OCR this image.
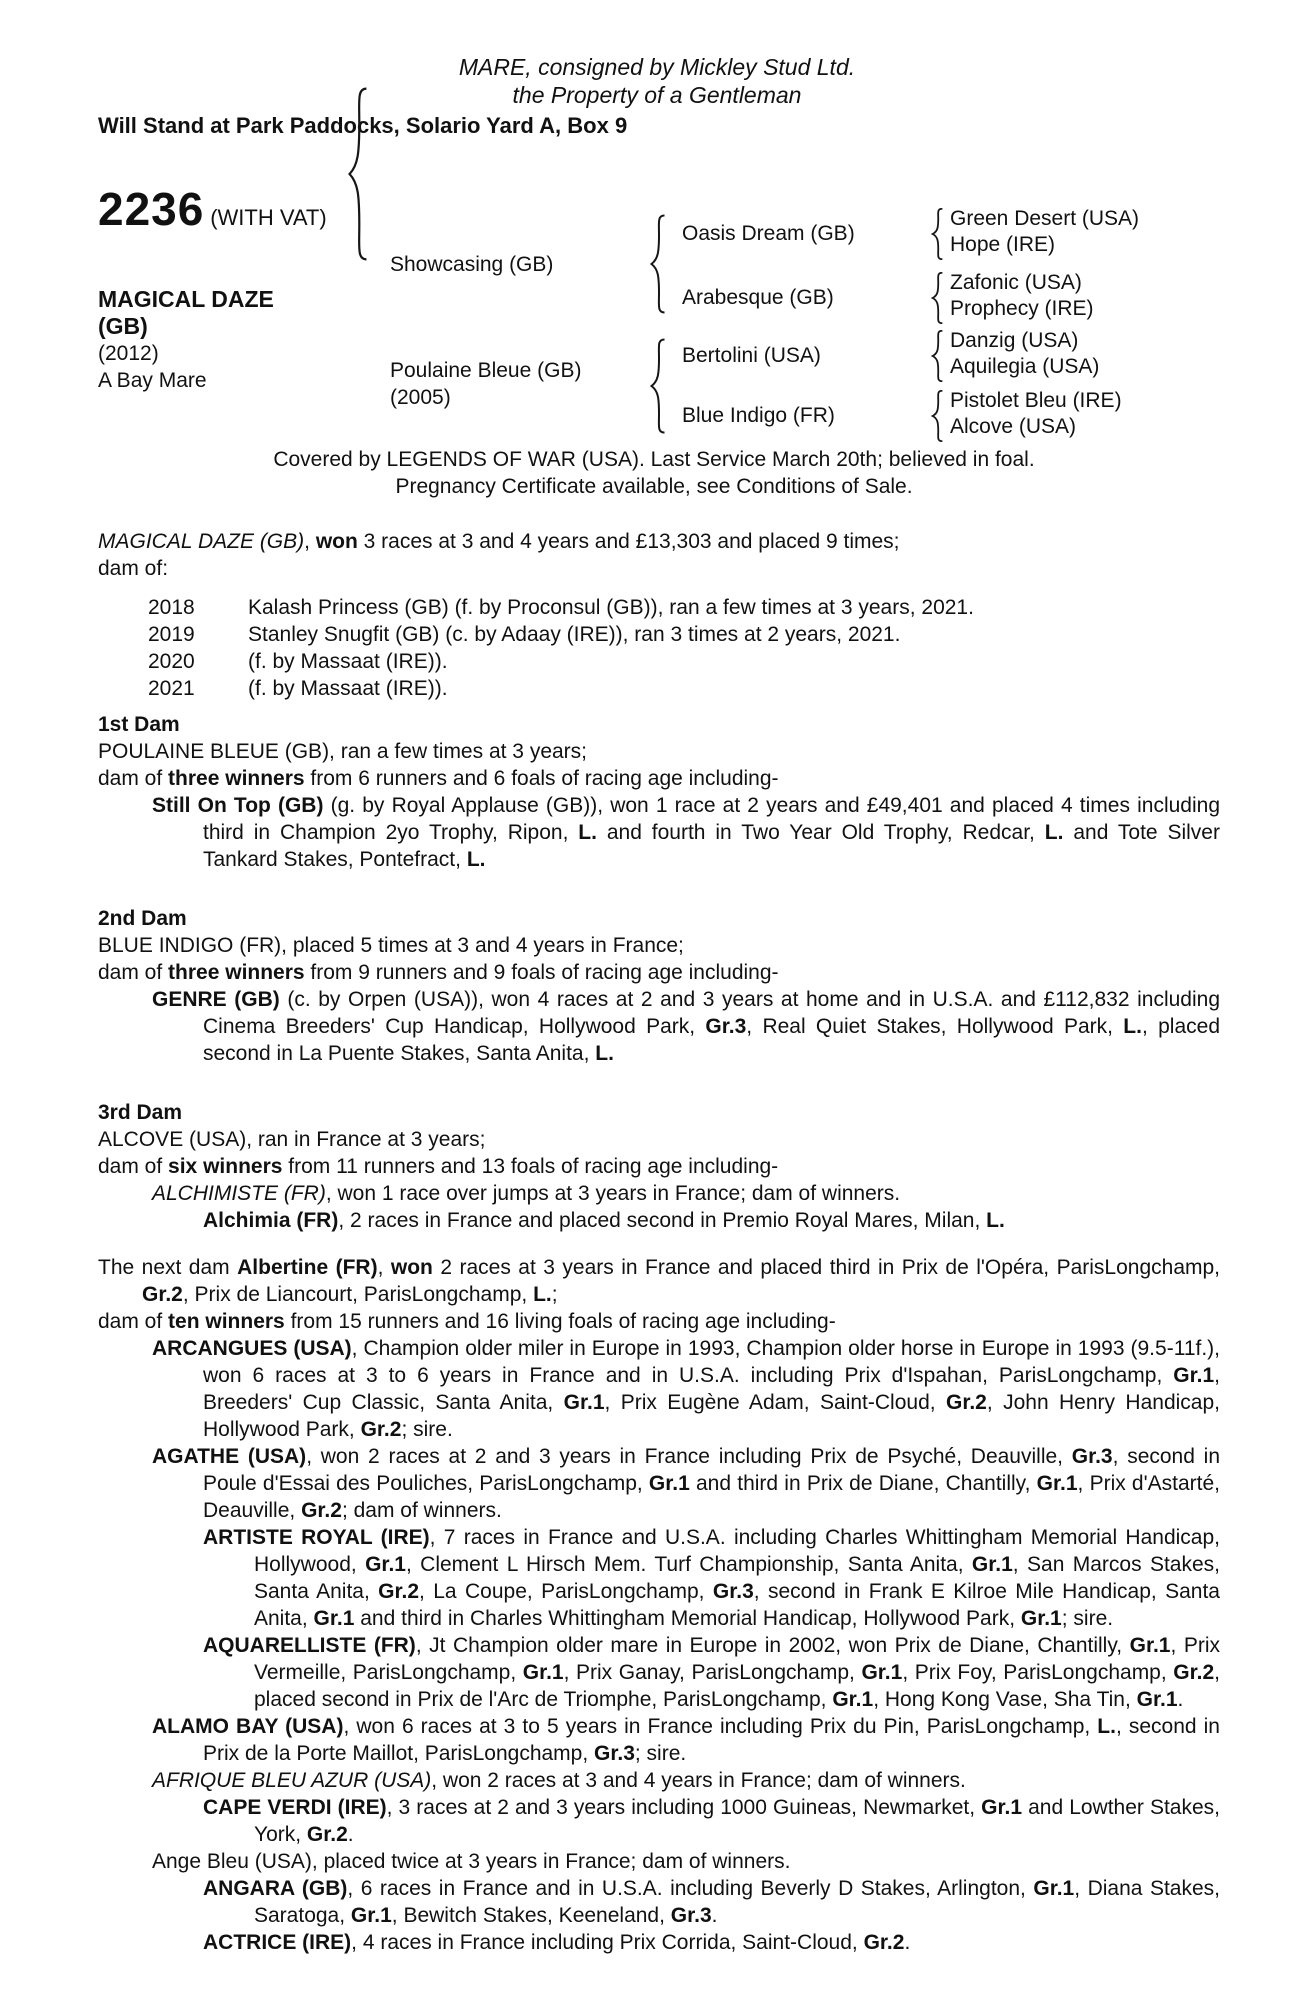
MARE, consigned by Mickley Stud Ltd.
the Property of a Gentleman
Will Stand at Park Paddocks, Solario Yard A, Box 9
2236 (WITH VAT)
MAGICAL DAZE
(GB)
(2012)
A Bay Mare
Showcasing (GB)
Poulaine Bleue (GB)
(2005)
Oasis Dream (GB)
Arabesque (GB)
Bertolini (USA)
Blue Indigo (FR)
Green Desert (USA)
Hope (IRE)
Zafonic (USA)
Prophecy (IRE)
Danzig (USA)
Aquilegia (USA)
Pistolet Bleu (IRE)
Alcove (USA)
Covered by LEGENDS OF WAR (USA). Last Service March 20th; believed in foal.
Pregnancy Certificate available, see Conditions of Sale.

MAGICAL DAZE (GB), won 3 races at 3 and 4 years and £13,303 and placed 9 times;

dam of:

2018	Kalash Princess (GB) (f. by Proconsul (GB)), ran a few times at 3 years, 2021.
2019	Stanley Snugfit (GB) (c. by Adaay (IRE)), ran 3 times at 2 years, 2021.
2020	(f. by Massaat (IRE)).
2021	(f. by Massaat (IRE)).
1st Dam

POULAINE BLEUE (GB), ran a few times at 3 years;

dam of three winners from 6 runners and 6 foals of racing age including-

Still On Top (GB) (g. by Royal Applause (GB)), won 1 race at 2 years and £49,401 and placed 4 times including third in Champion 2yo Trophy, Ripon, L. and fourth in Two Year Old Trophy, Redcar, L. and Tote Silver Tankard Stakes, Pontefract, L.

2nd Dam

BLUE INDIGO (FR), placed 5 times at 3 and 4 years in France;

dam of three winners from 9 runners and 9 foals of racing age including-

GENRE (GB) (c. by Orpen (USA)), won 4 races at 2 and 3 years at home and in U.S.A. and £112,832 including Cinema Breeders' Cup Handicap, Hollywood Park, Gr.3, Real Quiet Stakes, Hollywood Park, L., placed second in La Puente Stakes, Santa Anita, L.

3rd Dam

ALCOVE (USA), ran in France at 3 years;

dam of six winners from 11 runners and 13 foals of racing age including-

ALCHIMISTE (FR), won 1 race over jumps at 3 years in France; dam of winners.

Alchimia (FR), 2 races in France and placed second in Premio Royal Mares, Milan, L.

The next dam Albertine (FR), won 2 races at 3 years in France and placed third in Prix de l'Opéra, ParisLongchamp, Gr.2, Prix de Liancourt, ParisLongchamp, L.;

dam of ten winners from 15 runners and 16 living foals of racing age including-

ARCANGUES (USA), Champion older miler in Europe in 1993, Champion older horse in Europe in 1993 (9.5-11f.), won 6 races at 3 to 6 years in France and in U.S.A. including Prix d'Ispahan, ParisLongchamp, Gr.1, Breeders' Cup Classic, Santa Anita, Gr.1, Prix Eugène Adam, Saint-Cloud, Gr.2, John Henry Handicap, Hollywood Park, Gr.2; sire.

AGATHE (USA), won 2 races at 2 and 3 years in France including Prix de Psyché, Deauville, Gr.3, second in Poule d'Essai des Pouliches, ParisLongchamp, Gr.1 and third in Prix de Diane, Chantilly, Gr.1, Prix d'Astarté, Deauville, Gr.2; dam of winners.

ARTISTE ROYAL (IRE), 7 races in France and U.S.A. including Charles Whittingham Memorial Handicap, Hollywood, Gr.1, Clement L Hirsch Mem. Turf Championship, Santa Anita, Gr.1, San Marcos Stakes, Santa Anita, Gr.2, La Coupe, ParisLongchamp, Gr.3, second in Frank E Kilroe Mile Handicap, Santa Anita, Gr.1 and third in Charles Whittingham Memorial Handicap, Hollywood Park, Gr.1; sire.

AQUARELLISTE (FR), Jt Champion older mare in Europe in 2002, won Prix de Diane, Chantilly, Gr.1, Prix Vermeille, ParisLongchamp, Gr.1, Prix Ganay, ParisLongchamp, Gr.1, Prix Foy, ParisLongchamp, Gr.2, placed second in Prix de l'Arc de Triomphe, ParisLongchamp, Gr.1, Hong Kong Vase, Sha Tin, Gr.1.

ALAMO BAY (USA), won 6 races at 3 to 5 years in France including Prix du Pin, ParisLongchamp, L., second in Prix de la Porte Maillot, ParisLongchamp, Gr.3; sire.

AFRIQUE BLEU AZUR (USA), won 2 races at 3 and 4 years in France; dam of winners.

CAPE VERDI (IRE), 3 races at 2 and 3 years including 1000 Guineas, Newmarket, Gr.1 and Lowther Stakes, York, Gr.2.

Ange Bleu (USA), placed twice at 3 years in France; dam of winners.

ANGARA (GB), 6 races in France and in U.S.A. including Beverly D Stakes, Arlington, Gr.1, Diana Stakes, Saratoga, Gr.1, Bewitch Stakes, Keeneland, Gr.3.

ACTRICE (IRE), 4 races in France including Prix Corrida, Saint-Cloud, Gr.2.
